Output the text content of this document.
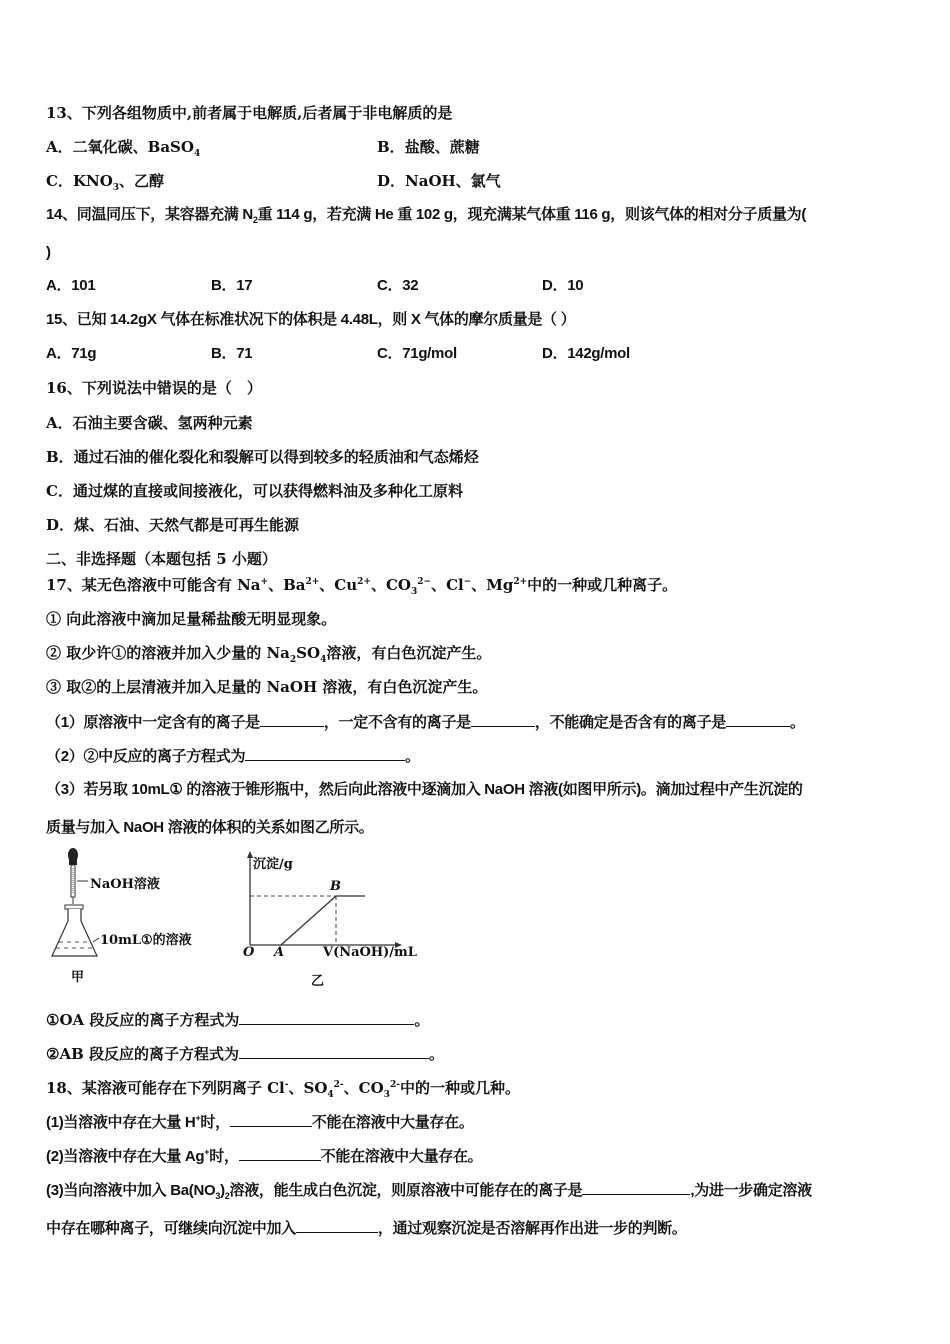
13、下列各组物质中,前者属于电解质,后者属于非电解质的是
A．二氧化碳、BaSO$_4$	B．盐酸、蔗糖
C．$KNO_3$、乙醇	D．NaOH、氯气
14、同温同压下，某容器充满 $N_2$重 114 g，若充满 He 重 102 g，现充满某气体重 116 g，则该气体的相对分子质量为(
)
A．101	B．17	C．32	D．10
15、已知 14.2gX 气体在标准状况下的体积是 4.48L，则 X 气体的摩尔质量是（ ）
A．71g	B．71	C．71g/mol	D．142g/mol
16、下列说法中错误的是（　）
A．石油主要含碳、氢两种元素
B．通过石油的催化裂化和裂解可以得到较多的轻质油和气态烯烃
C．通过煤的直接或间接液化，可以获得燃料油及多种化工原料
D．煤、石油、天然气都是可再生能源
二、非选择题（本题包括 5 小题）
17、某无色溶液中可能含有 Na+、$Ba^{2+}$、$Cu^{2+}$、$CO_3^{2-}$、Cl−、$Mg^{2+}$中的一种或几种离子。
① 向此溶液中滴加足量稀盐酸无明显现象。
② 取少许①的溶液并加入少量的 $Na_2SO_4$溶液，有白色沉淀产生。
③ 取②的上层清液并加入足量的 NaOH 溶液，有白色沉淀产生。
（1）原溶液中一定含有的离子是	，一定不含有的离子是	，不能确定是否含有的离子是	。
（2）②中反应的离子方程式为	。
（3）若另取 10mL① 的溶液于锥形瓶中，然后向此溶液中逐滴加入 NaOH 溶液(如图甲所示)。滴加过程中产生沉淀的
质量与加入 NaOH 溶液的体积的关系如图乙所示。
NaOH溶液
10mL①的溶液
甲
沉淀/g
B
O A	V(NaOH)/mL
乙
①OA 段反应的离子方程式为	。
②AB 段反应的离子方程式为	。
18、某溶液可能存在下列阴离子 Cl-、$SO_4^{2-}$、$CO_3^{2-}$中的一种或几种。
(1)当溶液中存在大量 H+时，	不能在溶液中大量存在。
(2)当溶液中存在大量 Ag+时，	不能在溶液中大量存在。
(3)当向溶液中加入 $Ba(NO_3)_2$溶液，能生成白色沉淀，则原溶液中可能存在的离子是	,为进一步确定溶液
中存在哪种离子，可继续向沉淀中加入	，通过观察沉淀是否溶解再作出进一步的判断。
